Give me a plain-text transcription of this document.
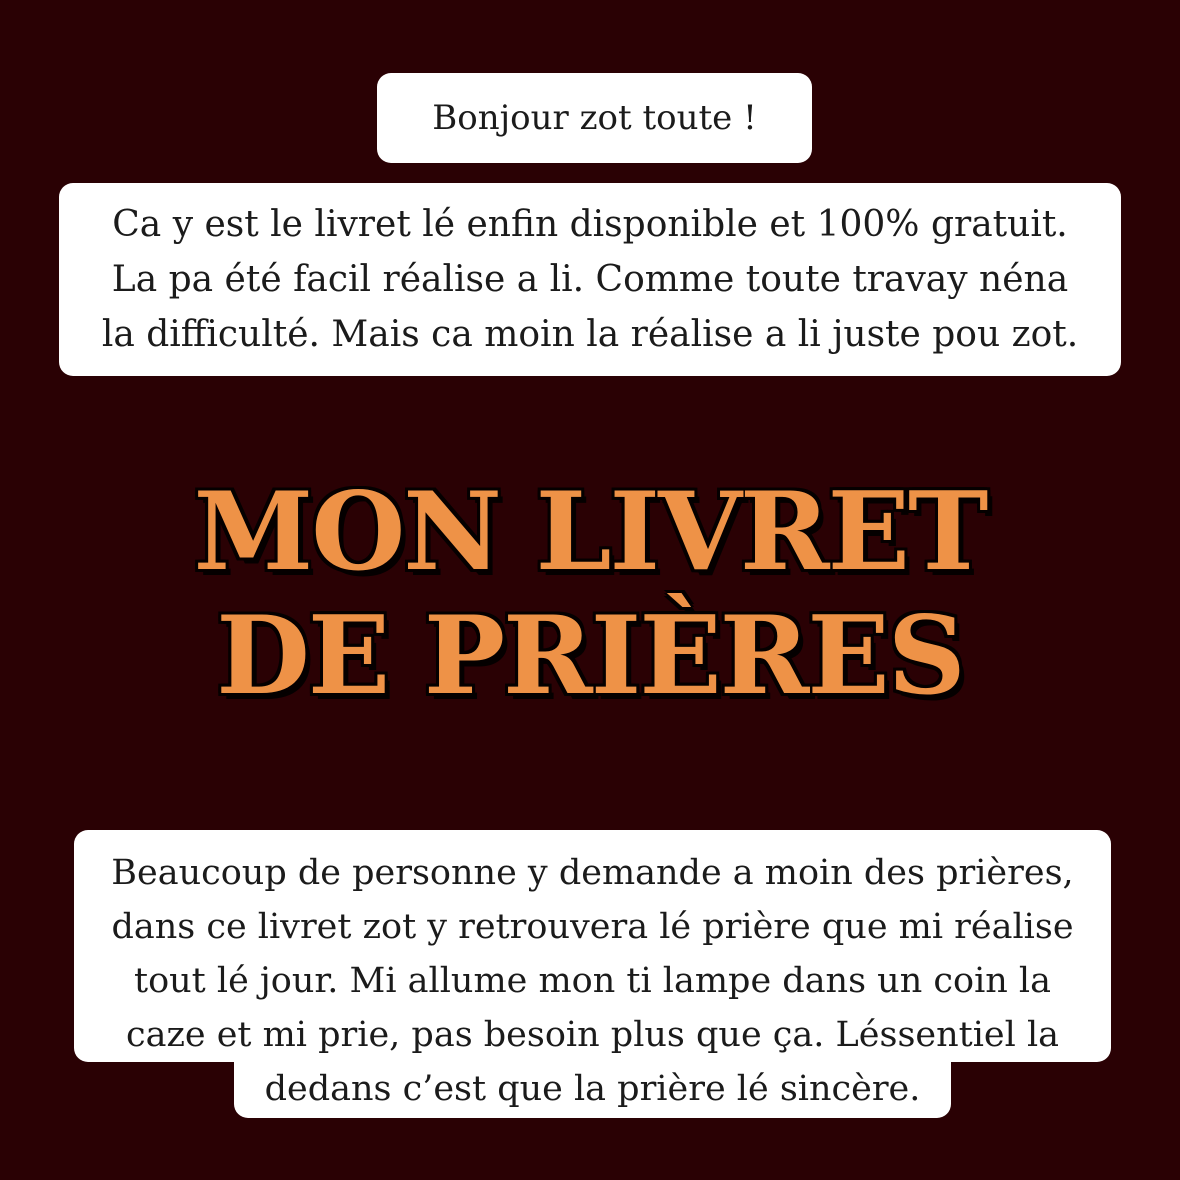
Bonjour zot toute !
Ca y est le livret lé enfin disponible et 100% gratuit.
La pa été facil réalise a li. Comme toute travay néna
la difficulté. Mais ca moin la réalise a li juste pou zot.
MON LIVRET
DE PRIÈRES
Beaucoup de personne y demande a moin des prières,
dans ce livret zot y retrouvera lé prière que mi réalise
tout lé jour. Mi allume mon ti lampe dans un coin la
caze et mi prie, pas besoin plus que ça. Léssentiel la
dedans c’est que la prière lé sincère.
